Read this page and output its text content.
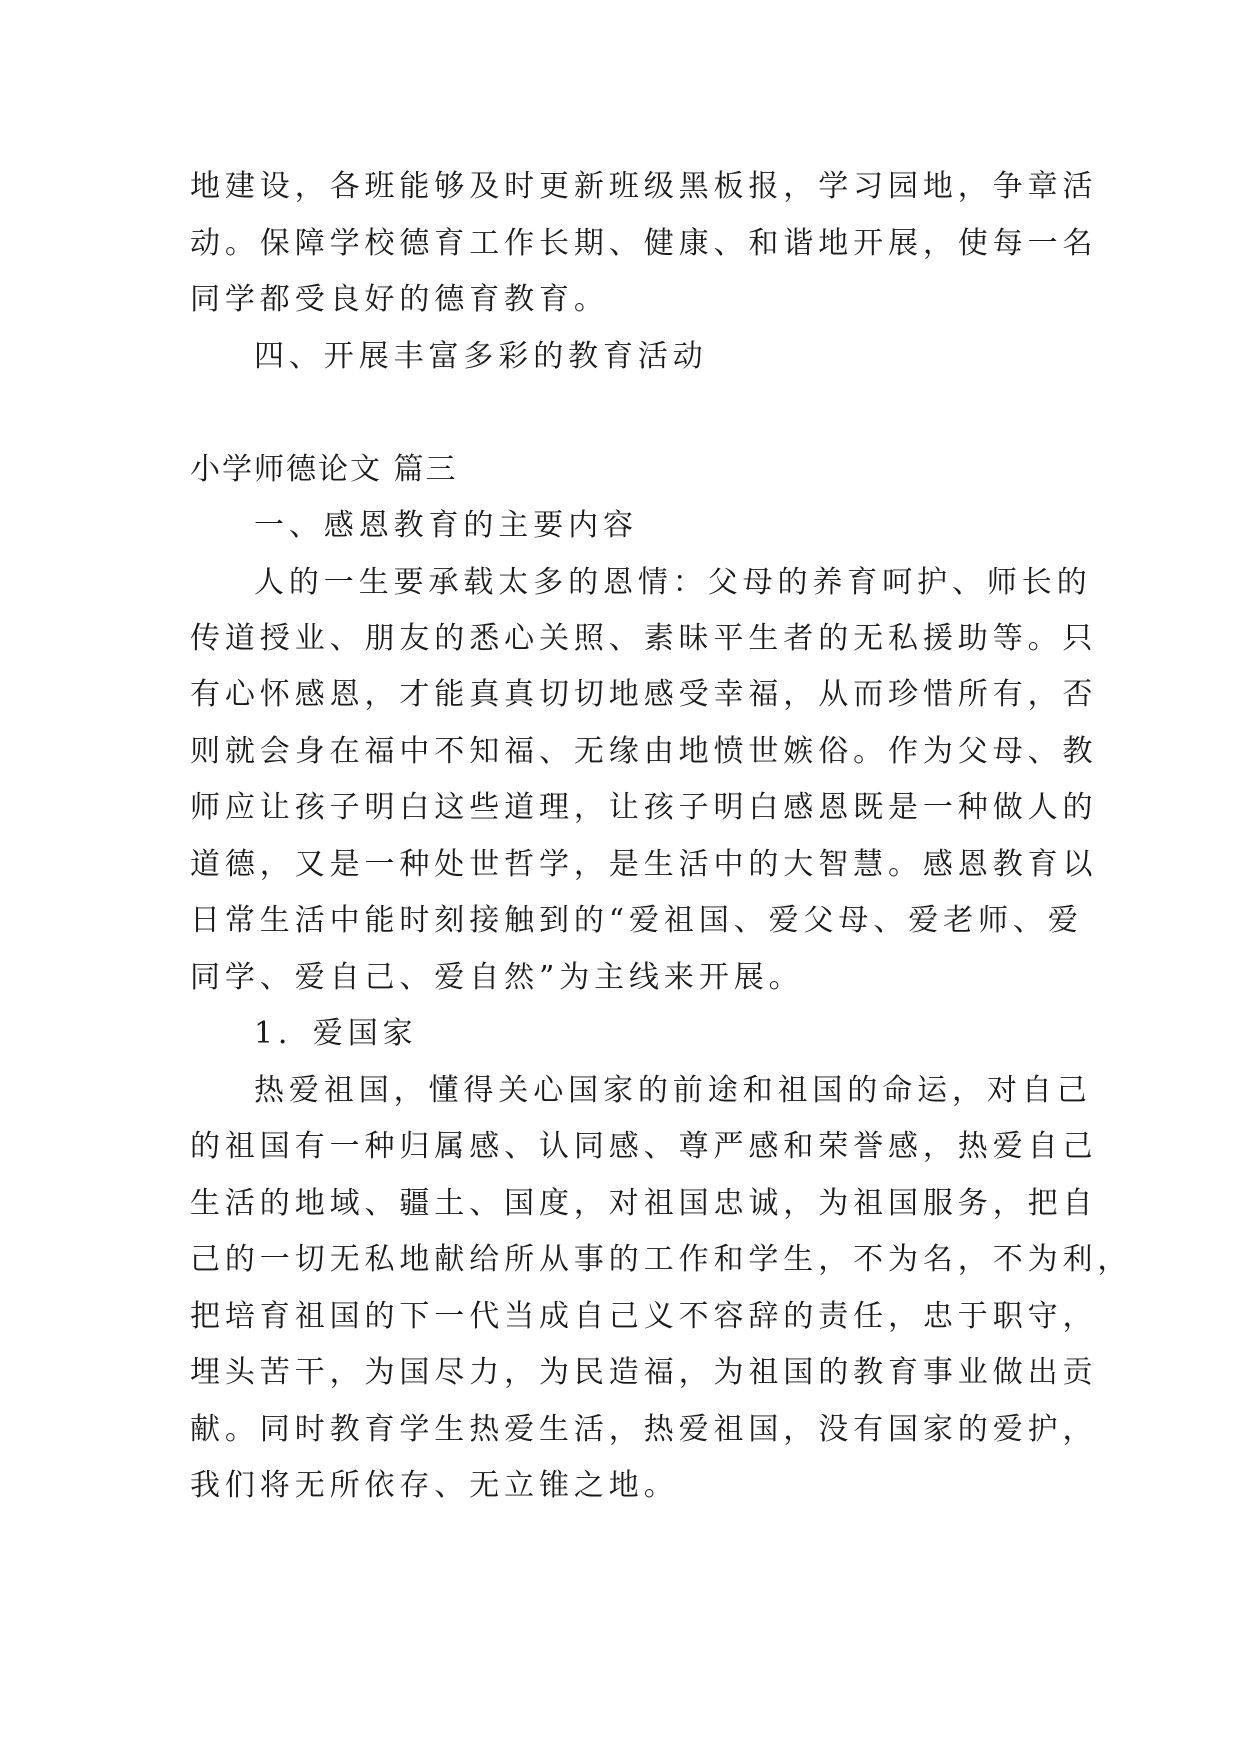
地建设，各班能够及时更新班级黑板报，学习园地，争章活
动。保障学校德育工作长期、健康、和谐地开展，使每一名
同学都受良好的德育教育。
四、开展丰富多彩的教育活动
小学师德论文 篇三
一、感恩教育的主要内容
人的一生要承载太多的恩情：父母的养育呵护、师长的
传道授业、朋友的悉心关照、素昧平生者的无私援助等。只
有心怀感恩，才能真真切切地感受幸福，从而珍惜所有，否
则就会身在福中不知福、无缘由地愤世嫉俗。作为父母、教
师应让孩子明白这些道理，让孩子明白感恩既是一种做人的
道德，又是一种处世哲学，是生活中的大智慧。感恩教育以
日常生活中能时刻接触到的“爱祖国、爱父母、爱老师、爱
同学、爱自己、爱自然”为主线来开展。
1．爱国家
热爱祖国，懂得关心国家的前途和祖国的命运，对自己
的祖国有一种归属感、认同感、尊严感和荣誉感，热爱自己
生活的地域、疆土、国度，对祖国忠诚，为祖国服务，把自
己的一切无私地献给所从事的工作和学生，不为名，不为利，
把培育祖国的下一代当成自己义不容辞的责任，忠于职守，
埋头苦干，为国尽力，为民造福，为祖国的教育事业做出贡
献。同时教育学生热爱生活，热爱祖国，没有国家的爱护，
我们将无所依存、无立锥之地。
